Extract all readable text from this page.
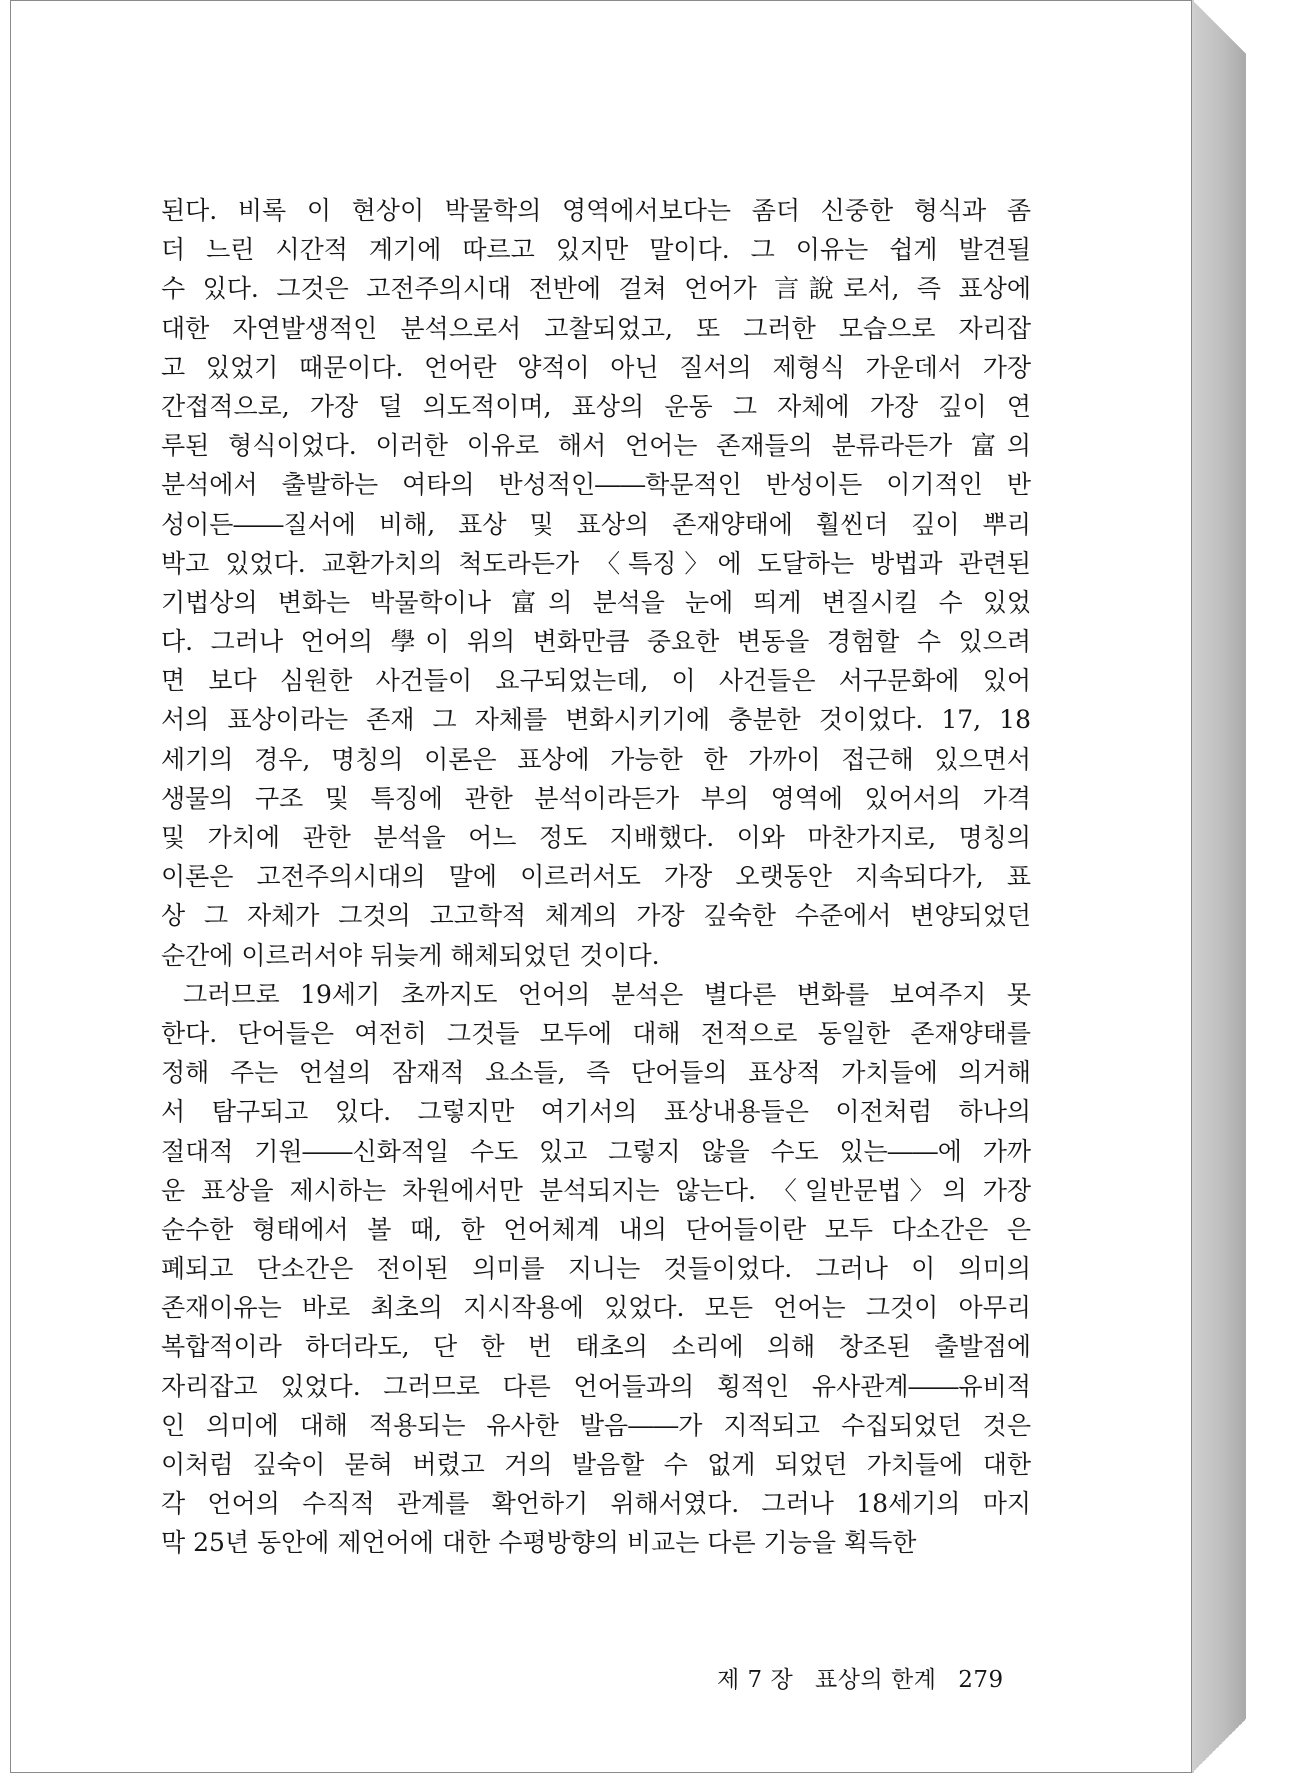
된다. 비록 이 현상이 박물학의 영역에서보다는 좀더 신중한 형식과 좀
더 느린 시간적 계기에 따르고 있지만 말이다. 그 이유는 쉽게 발견될
수 있다. 그것은 고전주의시대 전반에 걸쳐 언어가 言說로서, 즉 표상에
대한 자연발생적인 분석으로서 고찰되었고, 또 그러한 모습으로 자리잡
고 있었기 때문이다. 언어란 양적이 아닌 질서의 제형식 가운데서 가장
간접적으로, 가장 덜 의도적이며, 표상의 운동 그 자체에 가장 깊이 연
루된 형식이었다. 이러한 이유로 해서 언어는 존재들의 분류라든가 富의
분석에서 출발하는 여타의 반성적인――학문적인 반성이든 이기적인 반
성이든――질서에 비해, 표상 및 표상의 존재양태에 훨씬더 깊이 뿌리
박고 있었다. 교환가치의 척도라든가 〈특징〉에 도달하는 방법과 관련된
기법상의 변화는 박물학이나 富의 분석을 눈에 띄게 변질시킬 수 있었
다. 그러나 언어의 學이 위의 변화만큼 중요한 변동을 경험할 수 있으려
면 보다 심원한 사건들이 요구되었는데, 이 사건들은 서구문화에 있어
서의 표상이라는 존재 그 자체를 변화시키기에 충분한 것이었다. 17, 18
세기의 경우, 명칭의 이론은 표상에 가능한 한 가까이 접근해 있으면서
생물의 구조 및 특징에 관한 분석이라든가 부의 영역에 있어서의 가격
및 가치에 관한 분석을 어느 정도 지배했다. 이와 마찬가지로, 명칭의
이론은 고전주의시대의 말에 이르러서도 가장 오랫동안 지속되다가, 표
상 그 자체가 그것의 고고학적 체계의 가장 깊숙한 수준에서 변양되었던
순간에 이르러서야 뒤늦게 해체되었던 것이다.
그러므로 19세기 초까지도 언어의 분석은 별다른 변화를 보여주지 못
한다. 단어들은 여전히 그것들 모두에 대해 전적으로 동일한 존재양태를
정해 주는 언설의 잠재적 요소들, 즉 단어들의 표상적 가치들에 의거해
서 탐구되고 있다. 그렇지만 여기서의 표상내용들은 이전처럼 하나의
절대적 기원――신화적일 수도 있고 그렇지 않을 수도 있는――에 가까
운 표상을 제시하는 차원에서만 분석되지는 않는다. 〈일반문법〉의 가장
순수한 형태에서 볼 때, 한 언어체계 내의 단어들이란 모두 다소간은 은
폐되고 단소간은 전이된 의미를 지니는 것들이었다. 그러나 이 의미의
존재이유는 바로 최초의 지시작용에 있었다. 모든 언어는 그것이 아무리
복합적이라 하더라도, 단 한 번 태초의 소리에 의해 창조된 출발점에
자리잡고 있었다. 그러므로 다른 언어들과의 횡적인 유사관계――유비적
인 의미에 대해 적용되는 유사한 발음――가 지적되고 수집되었던 것은
이처럼 깊숙이 묻혀 버렸고 거의 발음할 수 없게 되었던 가치들에 대한
각 언어의 수직적 관계를 확언하기 위해서였다. 그러나 18세기의 마지
막 25년 동안에 제언어에 대한 수평방향의 비교는 다른 기능을 획득한
제 7 장 표상의 한계 279
